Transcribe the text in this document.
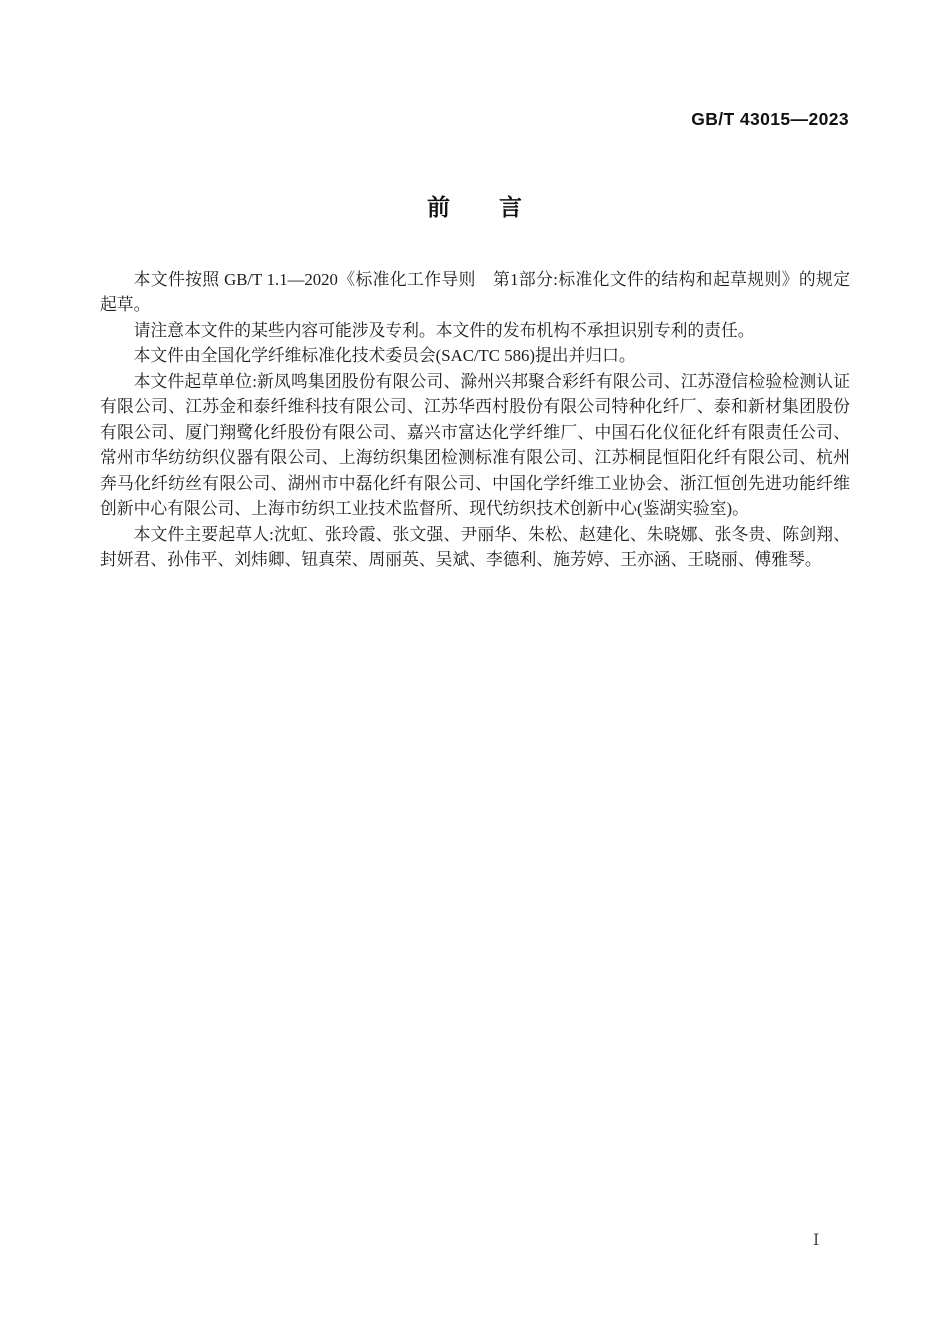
GB/T 43015—2023
前　　言

本文件按照 GB/T 1.1—2020《标准化工作导则　第1部分:标准化文件的结构和起草规则》的规定起草。

请注意本文件的某些内容可能涉及专利。本文件的发布机构不承担识别专利的责任。

本文件由全国化学纤维标准化技术委员会(SAC/TC 586)提出并归口。

本文件起草单位:新凤鸣集团股份有限公司、滁州兴邦聚合彩纤有限公司、江苏澄信检验检测认证有限公司、江苏金和泰纤维科技有限公司、江苏华西村股份有限公司特种化纤厂、泰和新材集团股份有限公司、厦门翔鹭化纤股份有限公司、嘉兴市富达化学纤维厂、中国石化仪征化纤有限责任公司、常州市华纺纺织仪器有限公司、上海纺织集团检测标准有限公司、江苏桐昆恒阳化纤有限公司、杭州奔马化纤纺丝有限公司、湖州市中磊化纤有限公司、中国化学纤维工业协会、浙江恒创先进功能纤维创新中心有限公司、上海市纺织工业技术监督所、现代纺织技术创新中心(鉴湖实验室)。

本文件主要起草人:沈虹、张玲霞、张文强、尹丽华、朱松、赵建化、朱晓娜、张冬贵、陈剑翔、封妍君、孙伟平、刘炜卿、钮真荣、周丽英、吴斌、李德利、施芳婷、王亦涵、王晓丽、傅雅琴。

Ⅰ
